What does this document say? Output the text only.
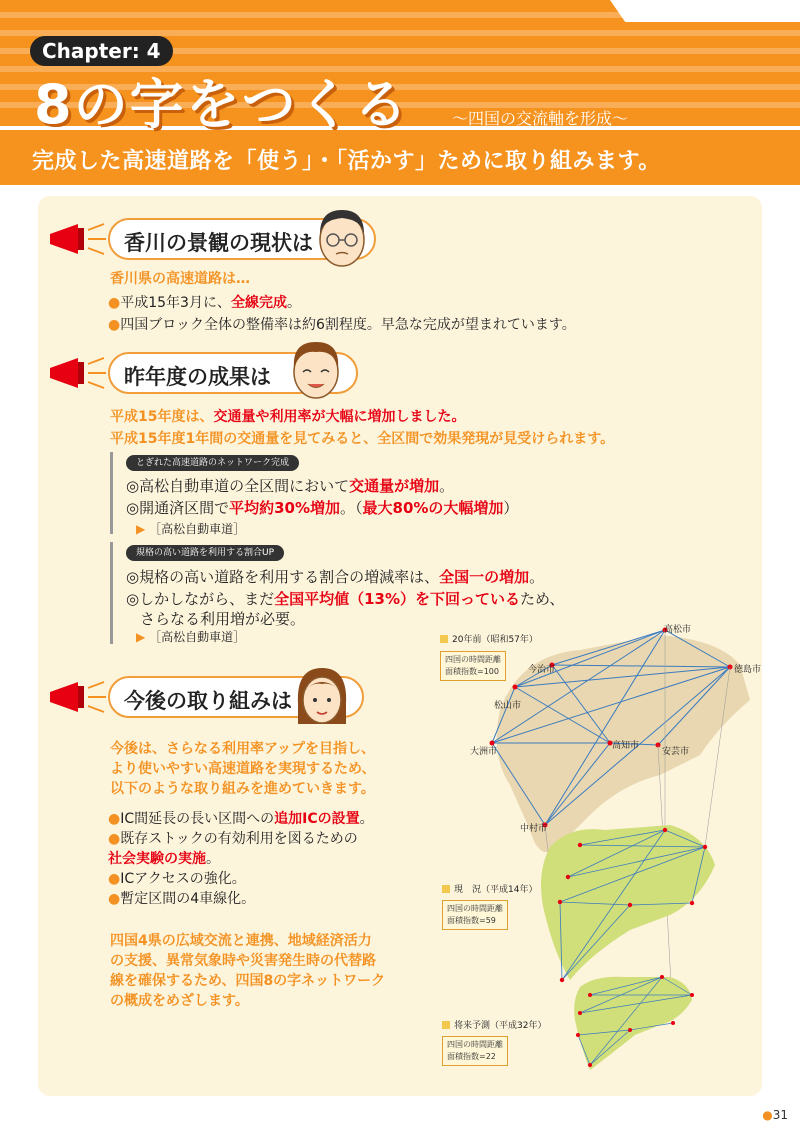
Chapter: 4
8の字をつくる	～四国の交流軸を形成～
完成した高速道路を「使う」・「活かす」ために取り組みます。
香川の景観の現状は
香川県の高速道路は…
●平成15年3月に、全線完成。
●四国ブロック全体の整備率は約6割程度。早急な完成が望まれています。
昨年度の成果は
平成15年度は、交通量や利用率が大幅に増加しました。
平成15年度1年間の交通量を見てみると、全区間で効果発現が見受けられます。
とぎれた高速道路のネットワーク完成
◎高松自動車道の全区間において交通量が増加。
◎開通済区間で平均約30%増加。（最大80%の大幅増加）
▶ ［高松自動車道］
規格の高い道路を利用する割合UP
◎規格の高い道路を利用する割合の増減率は、全国一の増加。
◎しかしながら、まだ全国平均値（13%）を下回っているため、
さらなる利用増が必要。
▶ ［高松自動車道］
今後の取り組みは
今後は、さらなる利用率アップを目指し、
より使いやすい高速道路を実現するため、
以下のような取り組みを進めていきます。
●IC間延長の長い区間への追加ICの設置。
●既存ストックの有効利用を図るための
社会実験の実施。
●ICアクセスの強化。
●暫定区間の4車線化。
四国4県の広域交流と連携、地域経済活力
の支援、異常気象時や災害発生時の代替路
線を確保するため、四国8の字ネットワーク
の概成をめざします。
高松市
徳島市
今治市
松山市
大洲市
高知市
安芸市
中村市
20年前（昭和57年）
四国の時間距離
面積指数=100
現　況（平成14年）
四国の時間距離
面積指数=59
将来予測（平成32年）
四国の時間距離
面積指数=22
●31
